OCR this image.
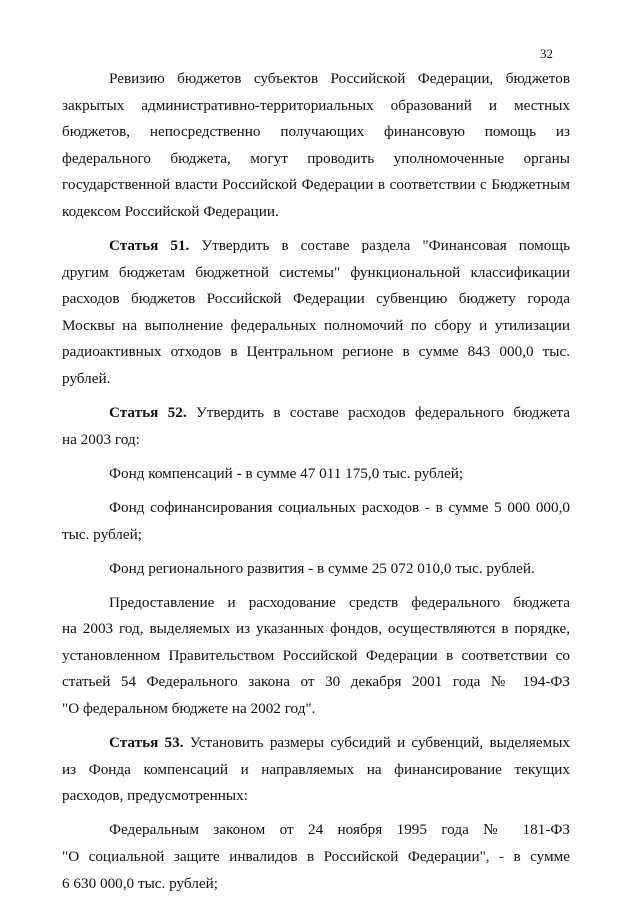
32
Ревизию бюджетов субъектов Российской Федерации, бюджетов
закрытых административно-территориальных образований и местных
бюджетов, непосредственно получающих финансовую помощь из
федерального бюджета, могут проводить уполномоченные органы
государственной власти Российской Федерации в соответствии с Бюджетным
кодексом Российской Федерации.
Статья 51. Утвердить в составе раздела "Финансовая помощь
другим бюджетам бюджетной системы" функциональной классификации
расходов бюджетов Российской Федерации субвенцию бюджету города
Москвы на выполнение федеральных полномочий по сбору и утилизации
радиоактивных отходов в Центральном регионе в сумме 843 000,0 тыс.
рублей.
Статья 52. Утвердить в составе расходов федерального бюджета
на 2003 год:
Фонд компенсаций - в сумме 47 011 175,0 тыс. рублей;
Фонд софинансирования социальных расходов - в сумме 5 000 000,0
тыс. рублей;
Фонд регионального развития - в сумме 25 072 010,0 тыс. рублей.
Предоставление и расходование средств федерального бюджета
на 2003 год, выделяемых из указанных фондов, осуществляются в порядке,
установленном Правительством Российской Федерации в соответствии со
статьей 54 Федерального закона от 30 декабря 2001 года № 194-ФЗ
"О федеральном бюджете на 2002 год".
Статья 53. Установить размеры субсидий и субвенций, выделяемых
из Фонда компенсаций и направляемых на финансирование текущих
расходов, предусмотренных:
Федеральным законом от 24 ноября 1995 года № 181-ФЗ
"О социальной защите инвалидов в Российской Федерации", - в сумме
6 630 000,0 тыс. рублей;
